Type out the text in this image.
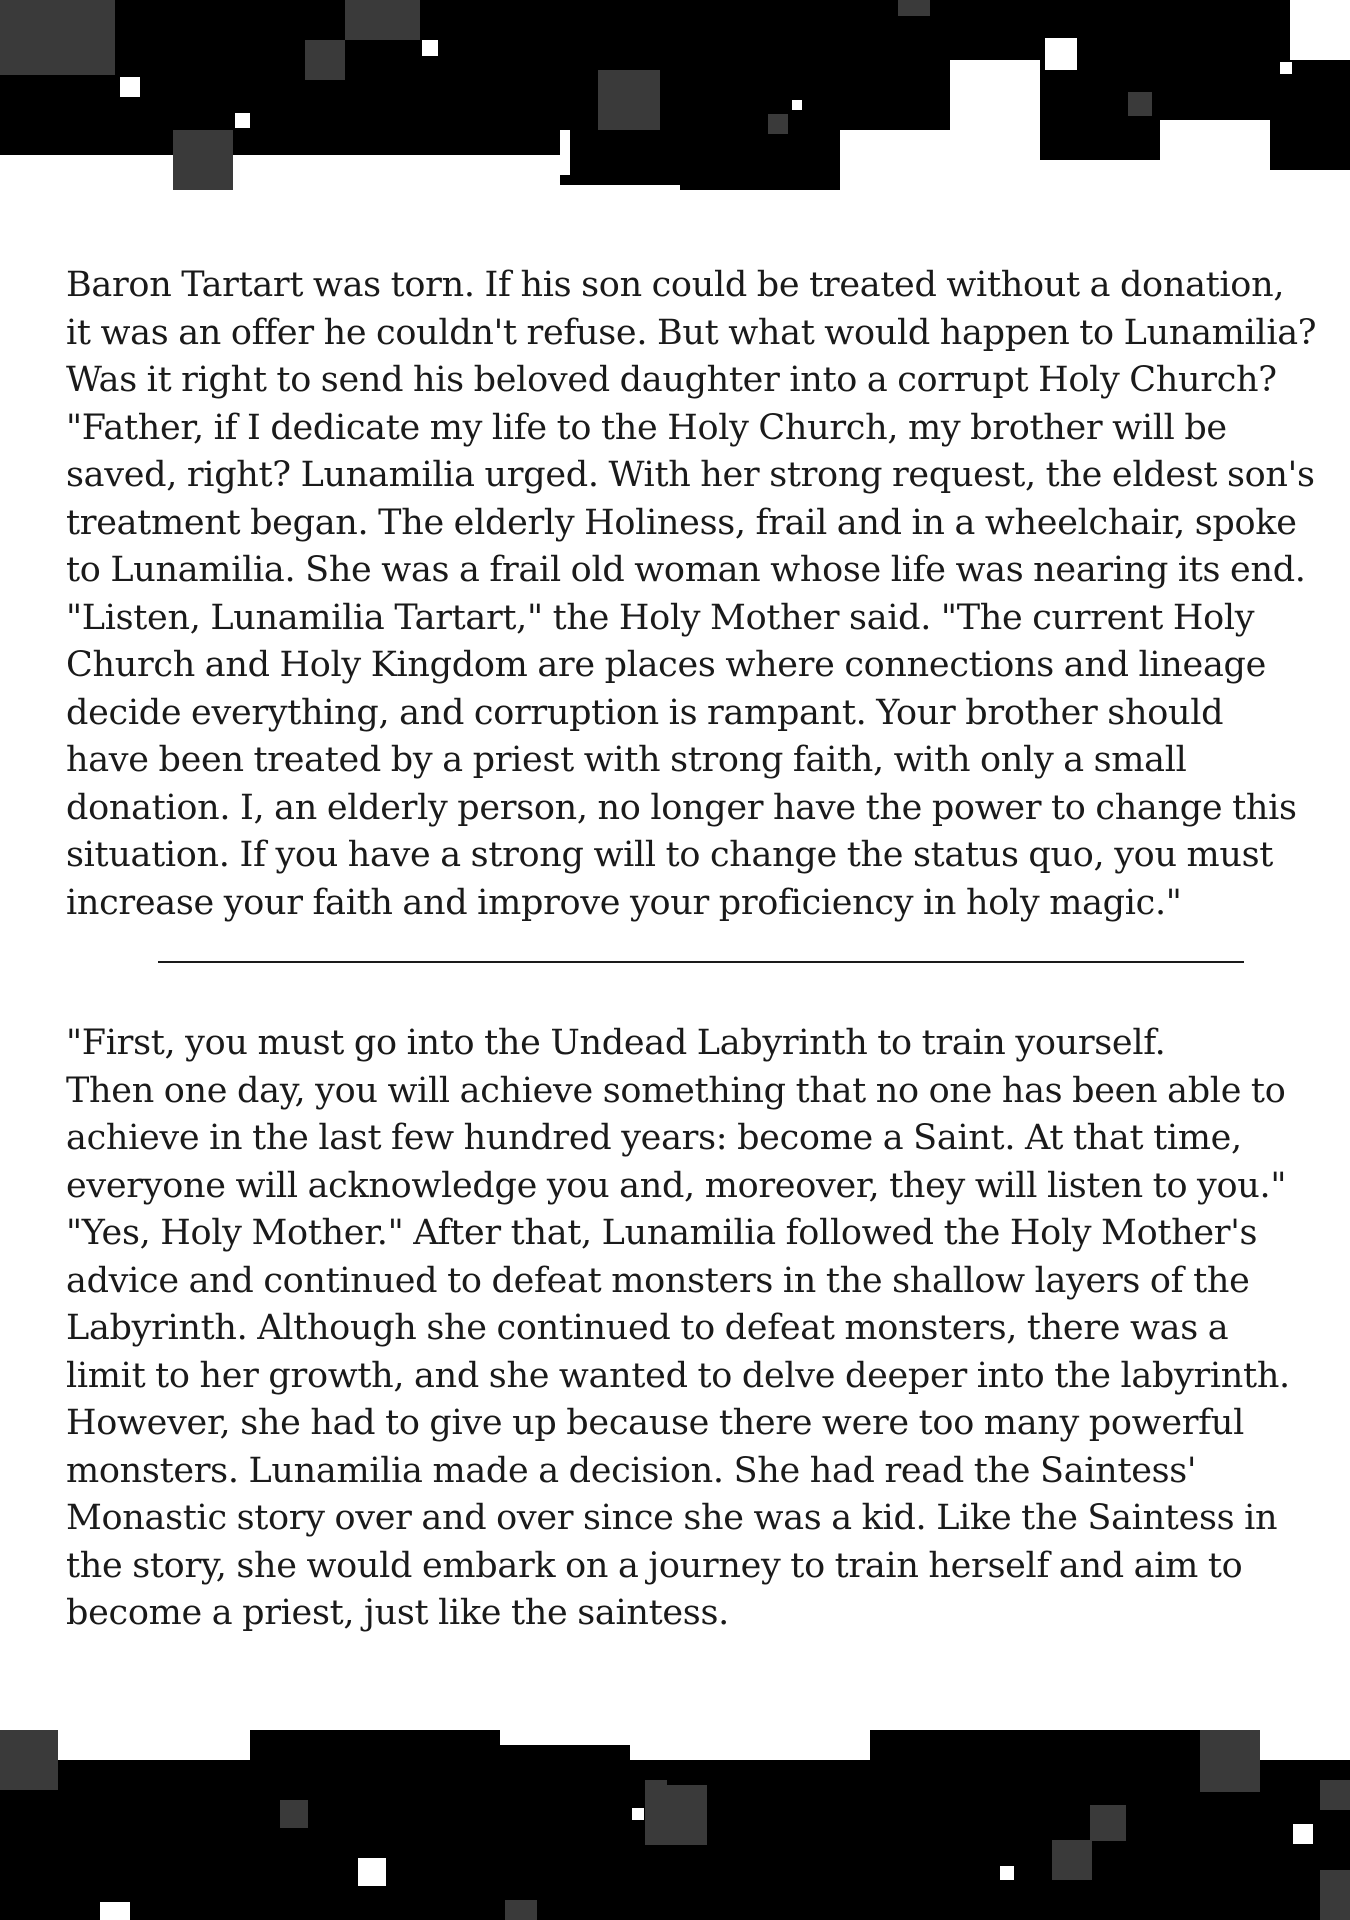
Baron Tartart was torn. If his son could be treated without a donation,
it was an offer he couldn't refuse. But what would happen to Lunamilia?
Was it right to send his beloved daughter into a corrupt Holy Church?
"Father, if I dedicate my life to the Holy Church, my brother will be
saved, right? Lunamilia urged. With her strong request, the eldest son's
treatment began. The elderly Holiness, frail and in a wheelchair, spoke
to Lunamilia. She was a frail old woman whose life was nearing its end.
"Listen, Lunamilia Tartart," the Holy Mother said. "The current Holy
Church and Holy Kingdom are places where connections and lineage
decide everything, and corruption is rampant. Your brother should
have been treated by a priest with strong faith, with only a small
donation. I, an elderly person, no longer have the power to change this
situation. If you have a strong will to change the status quo, you must
increase your faith and improve your proficiency in holy magic."
"First, you must go into the Undead Labyrinth to train yourself.
Then one day, you will achieve something that no one has been able to
achieve in the last few hundred years: become a Saint. At that time,
everyone will acknowledge you and, moreover, they will listen to you."
"Yes, Holy Mother." After that, Lunamilia followed the Holy Mother's
advice and continued to defeat monsters in the shallow layers of the
Labyrinth. Although she continued to defeat monsters, there was a
limit to her growth, and she wanted to delve deeper into the labyrinth.
However, she had to give up because there were too many powerful
monsters. Lunamilia made a decision. She had read the Saintess'
Monastic story over and over since she was a kid. Like the Saintess in
the story, she would embark on a journey to train herself and aim to
become a priest, just like the saintess.
